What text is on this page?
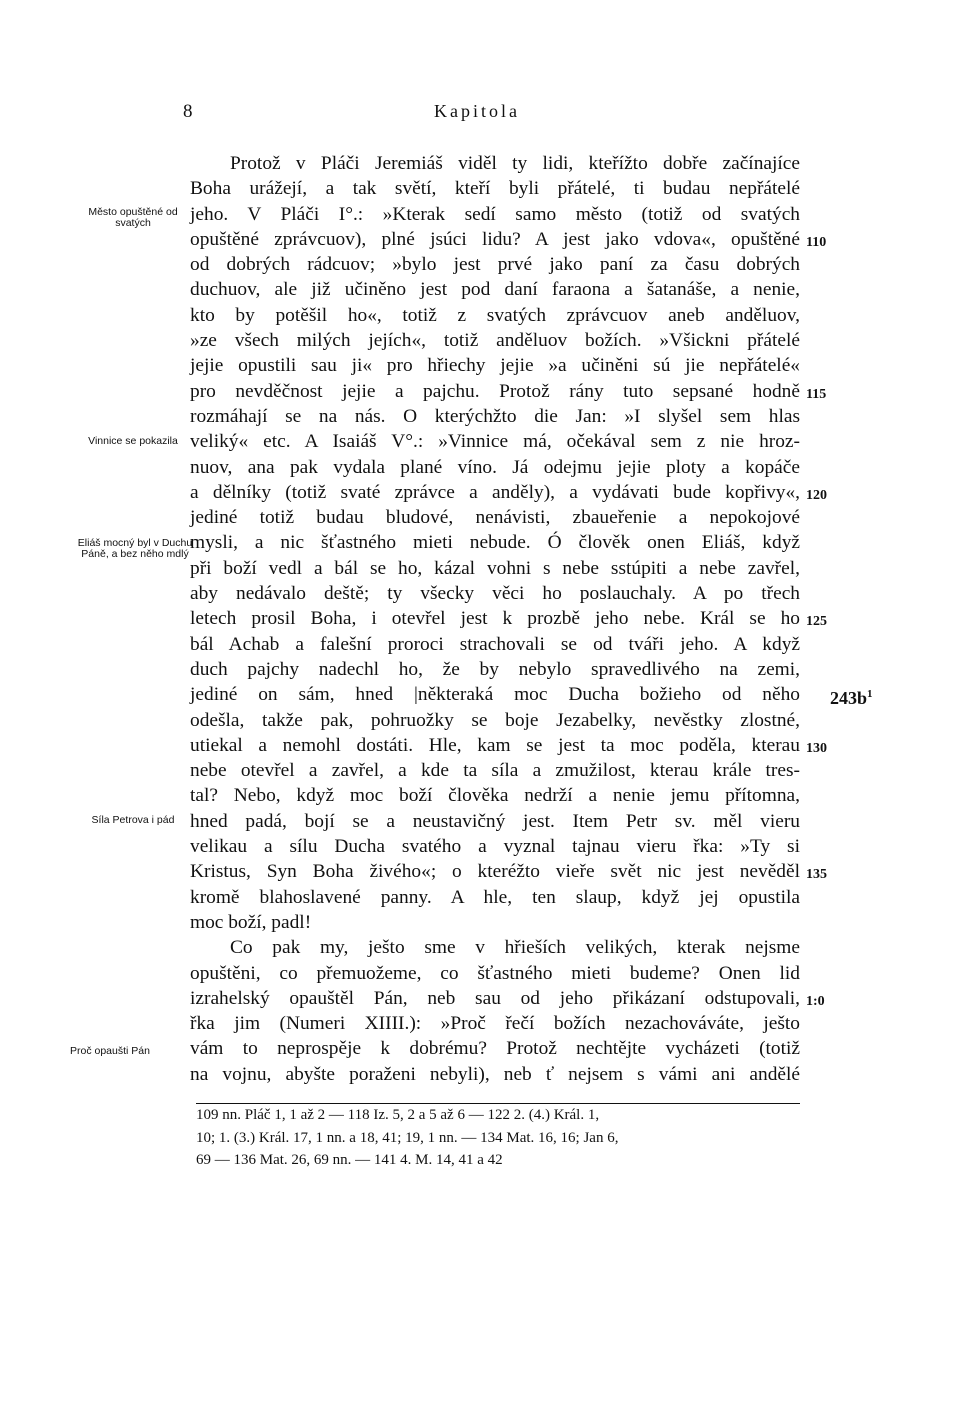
8	Kapitola
Protož v Pláči Jeremiáš viděl ty lidi, kteřížto dobře začínajíce
Boha urážejí, a tak světí, kteří byli přátelé, ti budau nepřátelé
jeho. V Pláči I°.: »Kterak sedí samo město (totiž od svatých
opuštěné zprávcuov), plné jsúci lidu? A jest jako vdova«, opuštěné
od dobrých rádcuov; »bylo jest prvé jako paní za času dobrých
duchuov, ale již učiněno jest pod daní faraona a šatanáše, a nenie,
kto by potěšil ho«, totiž z svatých zprávcuov aneb anděluov,
»ze všech milých jejích«, totiž anděluov božích. »Všickni přátelé
jejie opustili sau ji« pro hřiechy jejie »a učiněni sú jie nepřátelé«
pro nevděčnost jejie a pajchu. Protož rány tuto sepsané hodně
rozmáhají se na nás. O kterýchžto die Jan: »I slyšel sem hlas
veliký« etc. A Isaiáš V°.: »Vinnice má, očekával sem z nie hroz-
nuov, ana pak vydala plané víno. Já odejmu jejie ploty a kopáče
a dělníky (totiž svaté zprávce a anděly), a vydávati bude kopřivy«,
jediné totiž budau bludové, nenávisti, zbaueřenie a nepokojové
mysli, a nic šťastného mieti nebude. Ó člověk onen Eliáš, když
při boží vedl a bál se ho, kázal vohni s nebe sstúpiti a nebe zavřel,
aby nedávalo deště; ty všecky věci ho poslauchaly. A po třech
letech prosil Boha, i otevřel jest k prozbě jeho nebe. Král se ho
bál Achab a falešní proroci strachovali se od tváři jeho. A když
duch pajchy nadechl ho, že by nebylo spravedlivého na zemi,
jediné on sám, hned |některaká moc Ducha božieho od něho
odešla, takže pak, pohruožky se boje Jezabelky, nevěstky zlostné,
utiekal a nemohl dostáti. Hle, kam se jest ta moc poděla, kterau
nebe otevřel a zavřel, a kde ta síla a zmužilost, kterau krále tres-
tal? Nebo, když moc boží člověka nedrží a nenie jemu přítomna,
hned padá, bojí se a neustavičný jest. Item Petr sv. měl vieru
velikau a sílu Ducha svatého a vyznal tajnau vieru řka: »Ty si
Kristus, Syn Boha živého«; o kteréžto vieře svět nic jest nevěděl
kromě blahoslavené panny. A hle, ten slaup, když jej opustila
moc boží, padl!
Co pak my, ješto sme v hřieších velikých, kterak nejsme
opuštěni, co přemuožeme, co šťastného mieti budeme? Onen lid
izrahelský opauštěl Pán, neb sau od jeho přikázaní odstupovali,
řka jim (Numeri XIIII.): »Proč řečí božích nezachováváte, ješto
vám to neprospěje k dobrému? Protož nechtějte vycházeti (totiž
na vojnu, abyšte poraženi nebyli), neb ť nejsem s vámi ani andělé
Město opuštěné od svatých
Vinnice se pokazila
Eliáš mocný byl v Duchu Páně, a bez něho mdlý
Síla Petrova i pád
Proč opaušti Pán
110
115
120
125
130
135
1:0
$243b^1$
109 nn. Pláč 1, 1 až 2 — 118 Iz. 5, 2 a 5 až 6 — 122 2. (4.) Král. 1,
10; 1. (3.) Král. 17, 1 nn. a 18, 41; 19, 1 nn. — 134 Mat. 16, 16; Jan 6,
69 — 136 Mat. 26, 69 nn. — 141 4. M. 14, 41 a 42
